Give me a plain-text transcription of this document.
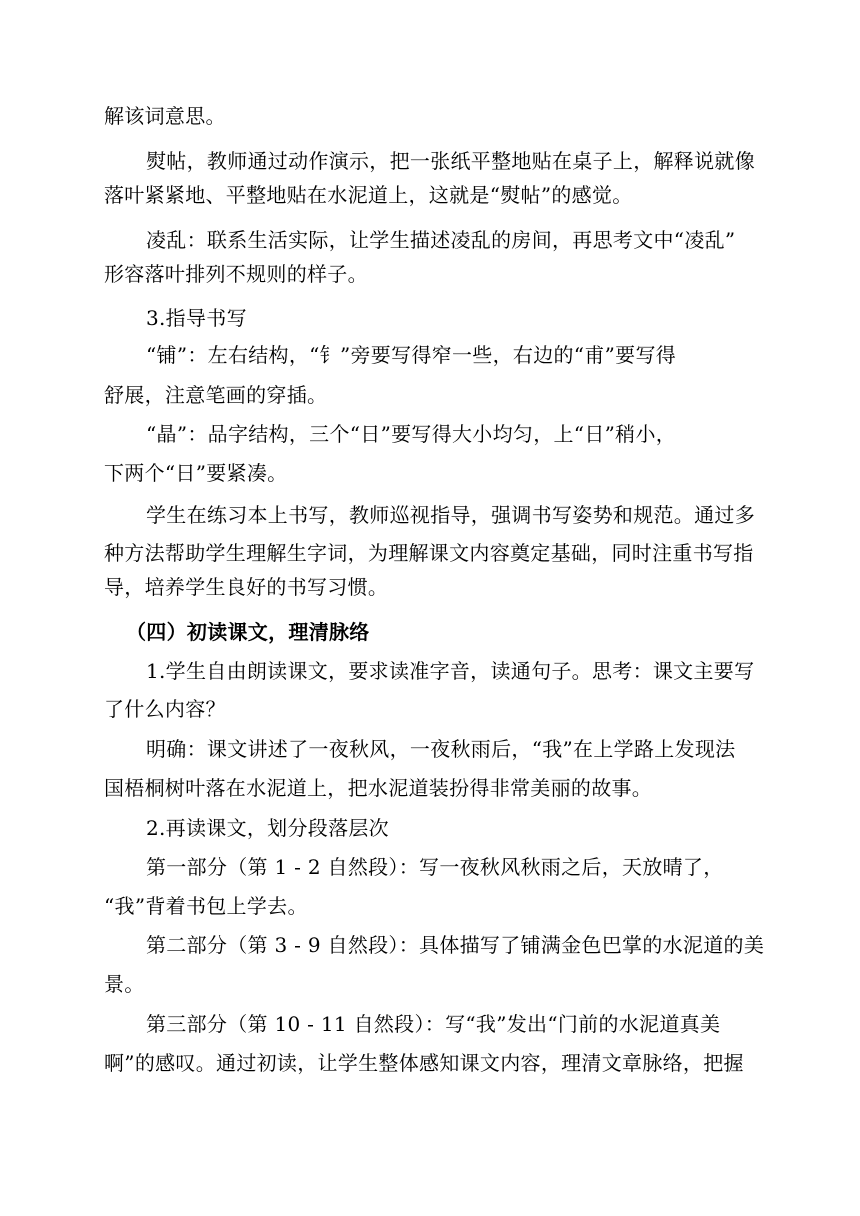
解该词意思。
熨帖，教师通过动作演示，把一张纸平整地贴在桌子上，解释说就像
落叶紧紧地、平整地贴在水泥道上，这就是“熨帖”的感觉。
凌乱：联系生活实际，让学生描述凌乱的房间，再思考文中“凌乱”
形容落叶排列不规则的样子。
3.指导书写
“铺”：左右结构，“钅”旁要写得窄一些，右边的“甫”要写得
舒展，注意笔画的穿插。
“晶”：品字结构，三个“日”要写得大小均匀，上“日”稍小，
下两个“日”要紧凑。
学生在练习本上书写，教师巡视指导，强调书写姿势和规范。通过多
种方法帮助学生理解生字词，为理解课文内容奠定基础，同时注重书写指
导，培养学生良好的书写习惯。
（四）初读课文，理清脉络
1.学生自由朗读课文，要求读准字音，读通句子。思考：课文主要写
了什么内容？
明确：课文讲述了一夜秋风，一夜秋雨后，“我”在上学路上发现法
国梧桐树叶落在水泥道上，把水泥道装扮得非常美丽的故事。
2.再读课文，划分段落层次
第一部分（第 1 - 2 自然段）：写一夜秋风秋雨之后，天放晴了，
“我”背着书包上学去。
第二部分（第 3 - 9 自然段）：具体描写了铺满金色巴掌的水泥道的美
景。
第三部分（第 10 - 11 自然段）：写“我”发出“门前的水泥道真美
啊”的感叹。通过初读，让学生整体感知课文内容，理清文章脉络，把握
